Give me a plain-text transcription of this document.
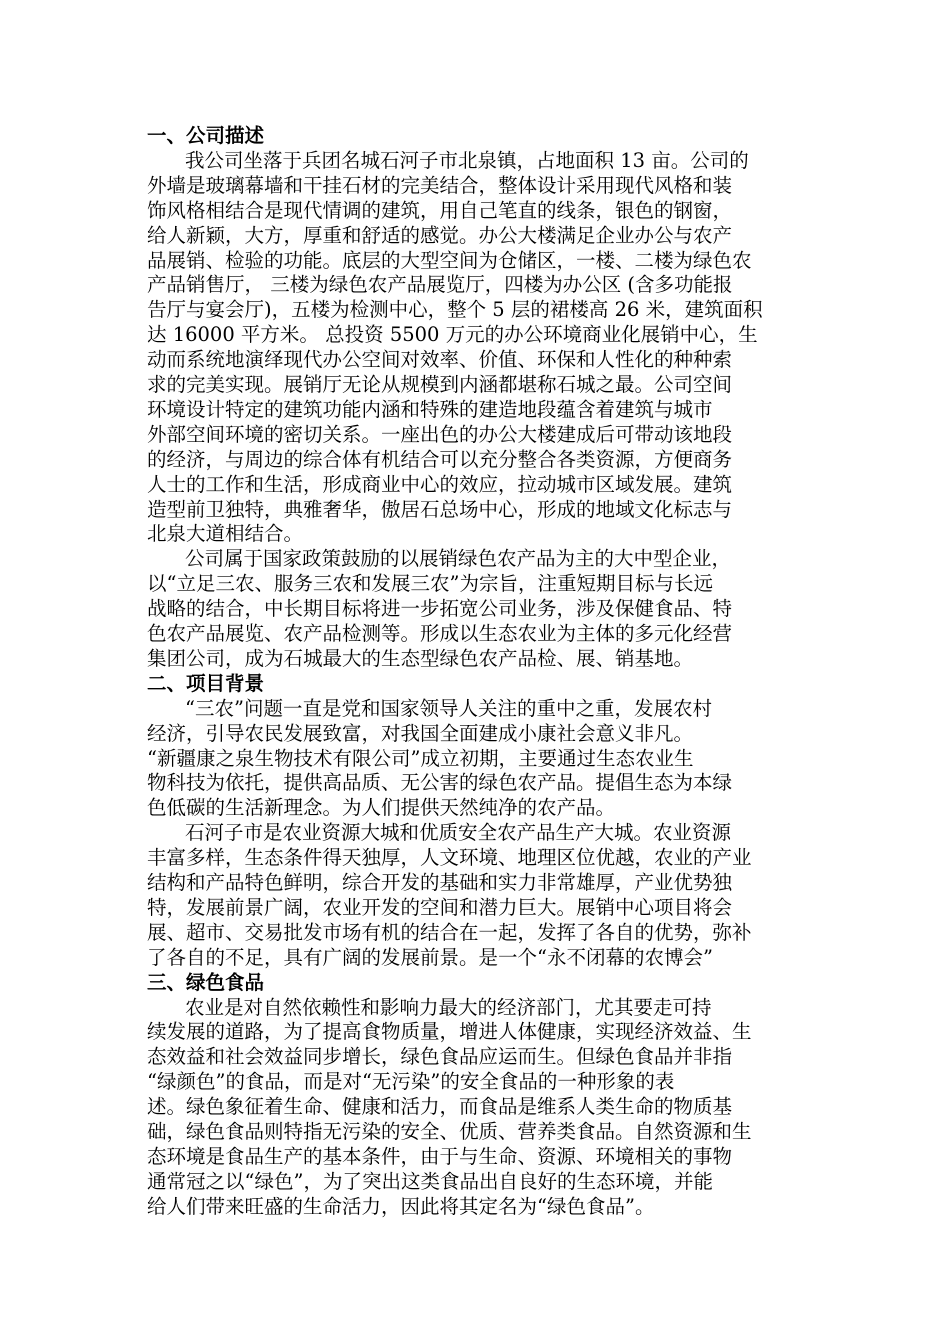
一、公司描述
我公司坐落于兵团名城石河子市北泉镇，占地面积 13 亩。公司的
外墙是玻璃幕墙和干挂石材的完美结合，整体设计采用现代风格和装
饰风格相结合是现代情调的建筑，用自己笔直的线条，银色的钢窗，
给人新颖，大方，厚重和舒适的感觉。办公大楼满足企业办公与农产
品展销、检验的功能。底层的大型空间为仓储区，一楼、二楼为绿色农
产品销售厅， 三楼为绿色农产品展览厅，四楼为办公区 (含多功能报
告厅与宴会厅)，五楼为检测中心，整个 5 层的裙楼高 26 米，建筑面积
达 16000 平方米。 总投资 5500 万元的办公环境商业化展销中心，生
动而系统地演绎现代办公空间对效率、价值、环保和人性化的种种索
求的完美实现。展销厅无论从规模到内涵都堪称石城之最。公司空间
环境设计特定的建筑功能内涵和特殊的建造地段蕴含着建筑与城市
外部空间环境的密切关系。一座出色的办公大楼建成后可带动该地段
的经济，与周边的综合体有机结合可以充分整合各类资源，方便商务
人士的工作和生活，形成商业中心的效应，拉动城市区域发展。建筑
造型前卫独特，典雅奢华，傲居石总场中心，形成的地域文化标志与
北泉大道相结合。
公司属于国家政策鼓励的以展销绿色农产品为主的大中型企业，
以“立足三农、服务三农和发展三农”为宗旨，注重短期目标与长远
战略的结合，中长期目标将进一步拓宽公司业务，涉及保健食品、特
色农产品展览、农产品检测等。形成以生态农业为主体的多元化经营
集团公司，成为石城最大的生态型绿色农产品检、展、销基地。
二、项目背景
“三农”问题一直是党和国家领导人关注的重中之重，发展农村
经济，引导农民发展致富，对我国全面建成小康社会意义非凡。
“新疆康之泉生物技术有限公司”成立初期，主要通过生态农业生
物科技为依托，提供高品质、无公害的绿色农产品。提倡生态为本绿
色低碳的生活新理念。为人们提供天然纯净的农产品。
石河子市是农业资源大城和优质安全农产品生产大城。农业资源
丰富多样，生态条件得天独厚，人文环境、地理区位优越，农业的产业
结构和产品特色鲜明，综合开发的基础和实力非常雄厚，产业优势独
特，发展前景广阔，农业开发的空间和潜力巨大。展销中心项目将会
展、超市、交易批发市场有机的结合在一起，发挥了各自的优势，弥补
了各自的不足，具有广阔的发展前景。是一个“永不闭幕的农博会”
三、绿色食品
农业是对自然依赖性和影响力最大的经济部门，尤其要走可持
续发展的道路，为了提高食物质量，增进人体健康，实现经济效益、生
态效益和社会效益同步增长，绿色食品应运而生。但绿色食品并非指
“绿颜色”的食品，而是对“无污染”的安全食品的一种形象的表
述。绿色象征着生命、健康和活力，而食品是维系人类生命的物质基
础，绿色食品则特指无污染的安全、优质、营养类食品。自然资源和生
态环境是食品生产的基本条件，由于与生命、资源、环境相关的事物
通常冠之以“绿色”，为了突出这类食品出自良好的生态环境，并能
给人们带来旺盛的生命活力，因此将其定名为“绿色食品”。
